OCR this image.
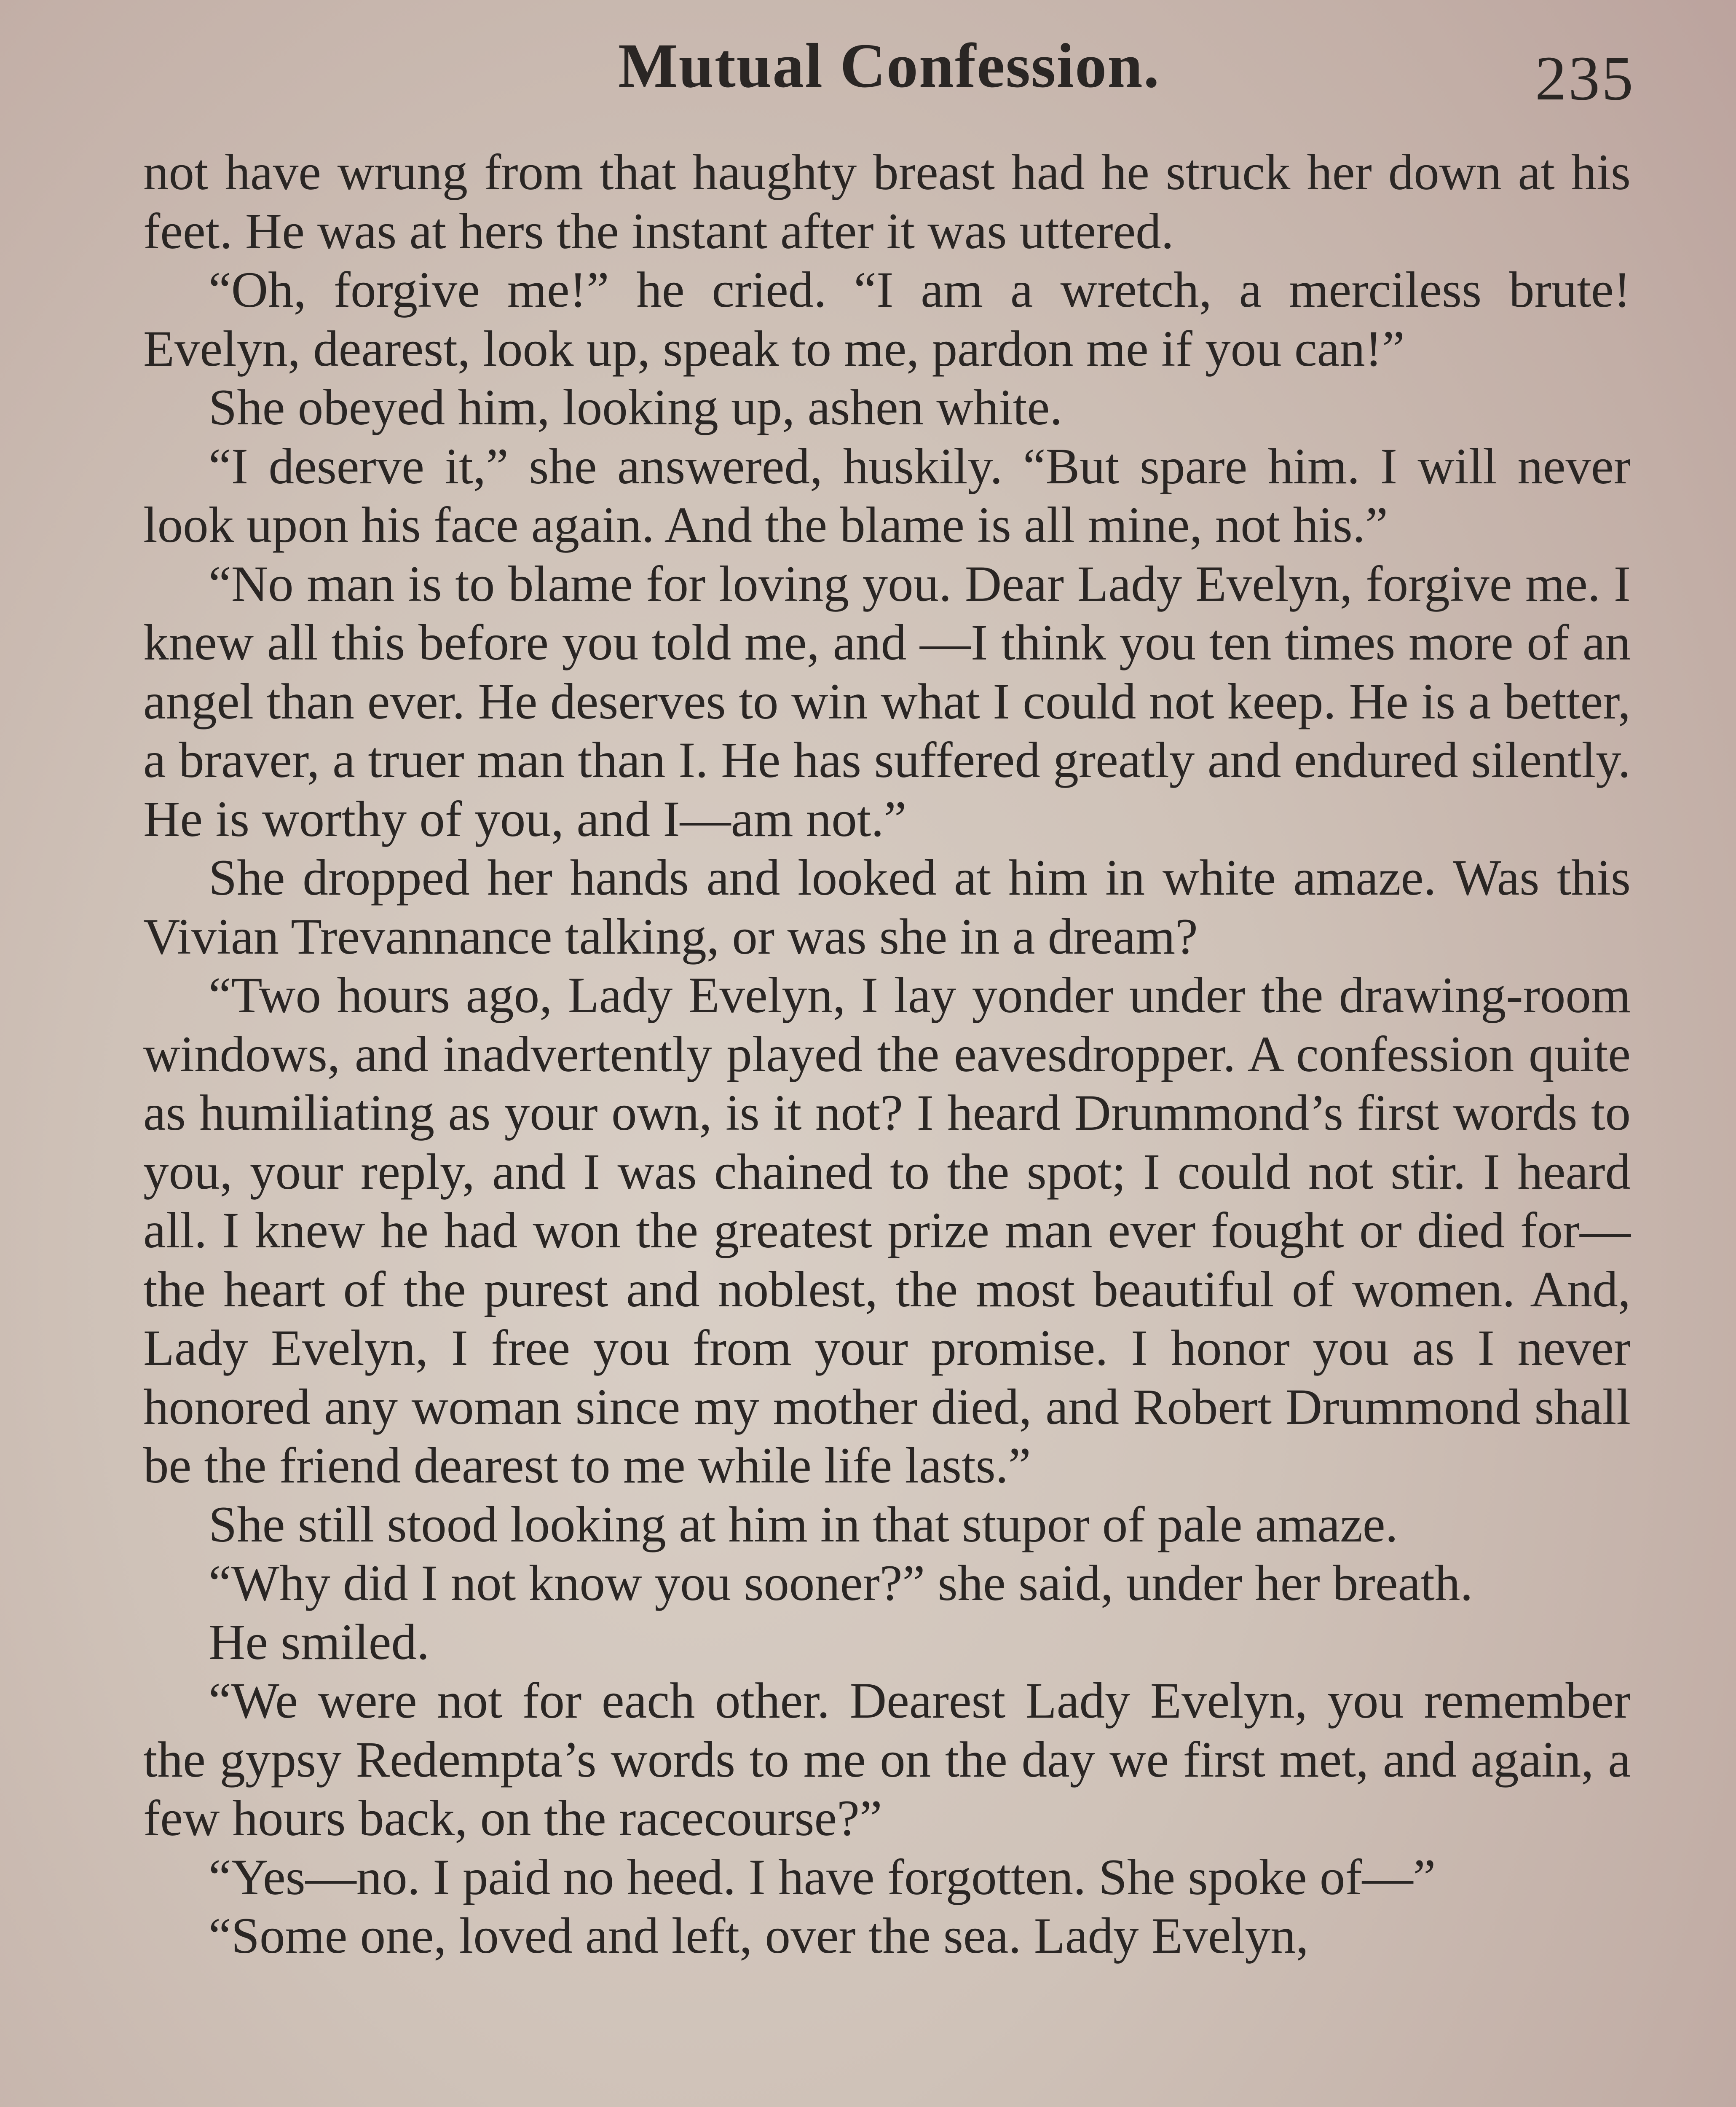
Mutual Confession.	235

not have wrung from that haughty breast had he struck her down at his feet. He was at hers the instant after it was uttered.

“Oh, forgive me!” he cried. “I am a wretch, a merciless brute! Evelyn, dearest, look up, speak to me, pardon me if you can!”

She obeyed him, looking up, ashen white.

“I deserve it,” she answered, huskily. “But spare him. I will never look upon his face again. And the blame is all mine, not his.”

“No man is to blame for loving you. Dear Lady Evelyn, forgive me. I knew all this before you told me, and —I think you ten times more of an angel than ever. He deserves to win what I could not keep. He is a better, a braver, a truer man than I. He has suffered greatly and endured silently. He is worthy of you, and I—am not.”

She dropped her hands and looked at him in white amaze. Was this Vivian Trevannance talking, or was she in a dream?

“Two hours ago, Lady Evelyn, I lay yonder under the drawing-room windows, and inadvertently played the eavesdropper. A confession quite as humiliating as your own, is it not? I heard Drummond’s first words to you, your reply, and I was chained to the spot; I could not stir. I heard all. I knew he had won the greatest prize man ever fought or died for—the heart of the purest and noblest, the most beautiful of women. And, Lady Evelyn, I free you from your promise. I honor you as I never honored any woman since my mother died, and Robert Drummond shall be the friend dearest to me while life lasts.”

She still stood looking at him in that stupor of pale amaze.

“Why did I not know you sooner?” she said, under her breath.

He smiled.

“We were not for each other. Dearest Lady Evelyn, you remember the gypsy Redempta’s words to me on the day we first met, and again, a few hours back, on the racecourse?”

“Yes—no. I paid no heed. I have forgotten. She spoke of—”

“Some one, loved and left, over the sea. Lady Evelyn,
